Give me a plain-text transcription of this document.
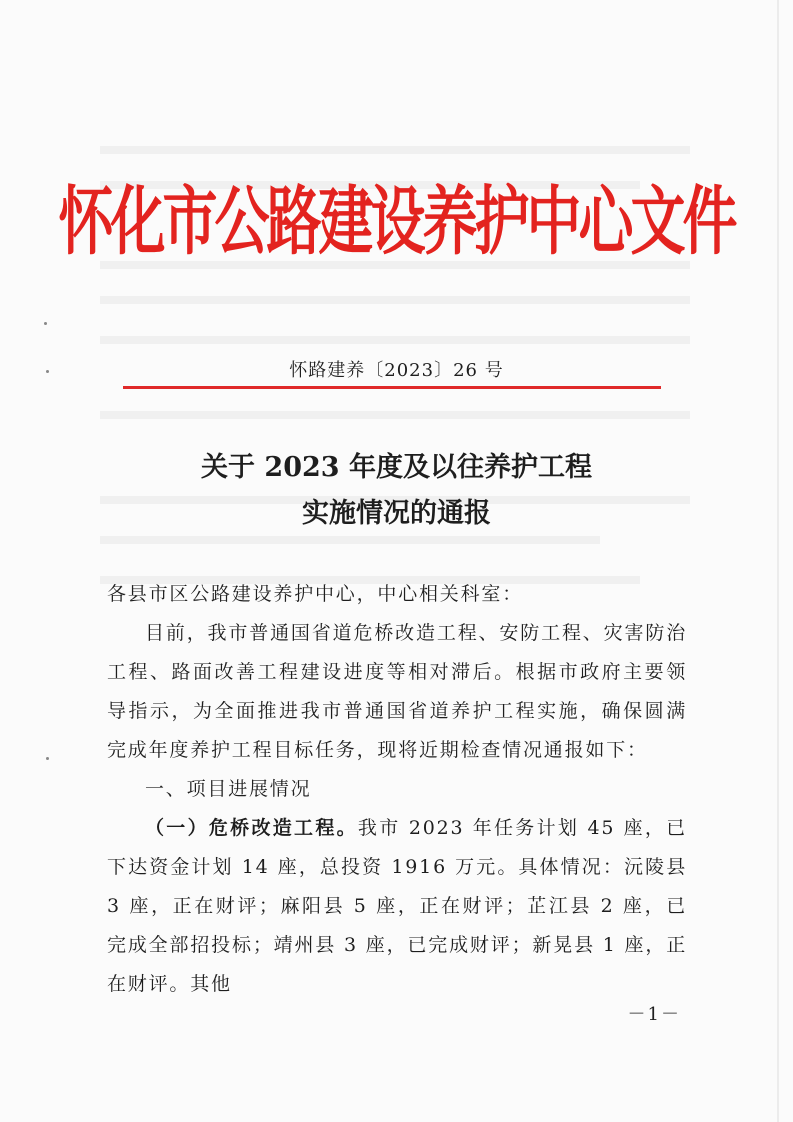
怀化市公路建设养护中心文件
怀路建养〔2023〕26 号
关于 2023 年度及以往养护工程
实施情况的通报

各县市区公路建设养护中心，中心相关科室：

目前，我市普通国省道危桥改造工程、安防工程、灾害防治工程、路面改善工程建设进度等相对滞后。根据市政府主要领导指示，为全面推进我市普通国省道养护工程实施，确保圆满完成年度养护工程目标任务，现将近期检查情况通报如下：

一、项目进展情况

（一）危桥改造工程。我市 2023 年任务计划 45 座，已下达资金计划 14 座，总投资 1916 万元。具体情况：沅陵县 3 座，正在财评；麻阳县 5 座，正在财评；芷江县 2 座，已完成全部招投标；靖州县 3 座，已完成财评；新晃县 1 座，正在财评。其他

－1－
